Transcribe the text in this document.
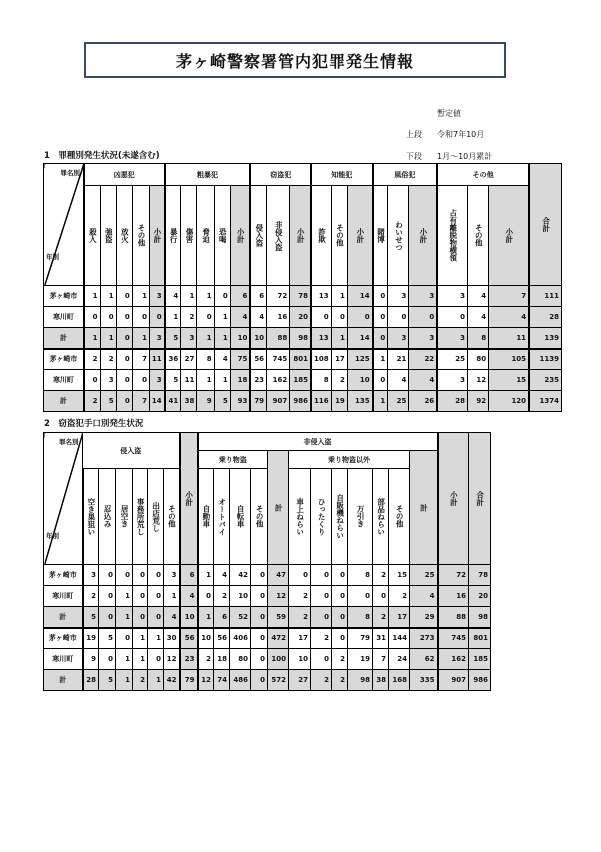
茅ヶ崎警察署管内犯罪発生情報
暫定値
上段 令和7年10月
下段 1月～10月累計
1　罪種別発生状況(未遂含む)
罪名別
年別	凶悪犯					粗暴犯					窃盗犯			知能犯			風俗犯			その他			合計

	殺人	強盗	放火	その他	小計	暴行	傷害	脅迫	恐喝	小計	侵入盗	非侵入盗	小計	詐欺	その他	小計	賭博	わいせつ	小計	占有離脱物横領	その他	小計	

茅ヶ崎市	1	1	0	1	3	4	1	1	0	6	6	72	78	13	1	14	0	3	3	3	4	7	111
寒川町	0	0	0	0	0	1	2	0	1	4	4	16	20	0	0	0	0	0	0	0	4	4	28
計	1	1	0	1	3	5	3	1	1	10	10	88	98	13	1	14	0	3	3	3	8	11	139
茅ヶ崎市	2	2	0	7	11	36	27	8	4	75	56	745	801	108	17	125	1	21	22	25	80	105	1139
寒川町	0	3	0	0	3	5	11	1	1	18	23	162	185	8	2	10	0	4	4	3	12	15	235
計	2	5	0	7	14	41	38	9	5	93	79	907	986	116	19	135	1	25	26	28	92	120	1374
2　窃盗犯手口別発生状況
罪名別
年別	侵入盗						小計	非侵入盗												小計	合計

								乗り物盗				計	乗り物盗以外						計		

	空き巣狙い	忍込み	居空き	事務所荒し	出店荒し	その他		自動車	オートバイ	自転車	その他		車上ねらい	ひったくり	自販機ねらい	万引き	部品ねらい	その他			

茅ヶ崎市	3	0	0	0	0	3	6	1	4	42	0	47	0	0	0	8	2	15	25	72	78
寒川町	2	0	1	0	0	1	4	0	2	10	0	12	2	0	0	0	0	2	4	16	20
計	5	0	1	0	0	4	10	1	6	52	0	59	2	0	0	8	2	17	29	88	98
茅ヶ崎市	19	5	0	1	1	30	56	10	56	406	0	472	17	2	0	79	31	144	273	745	801
寒川町	9	0	1	1	0	12	23	2	18	80	0	100	10	0	2	19	7	24	62	162	185
計	28	5	1	2	1	42	79	12	74	486	0	572	27	2	2	98	38	168	335	907	986
